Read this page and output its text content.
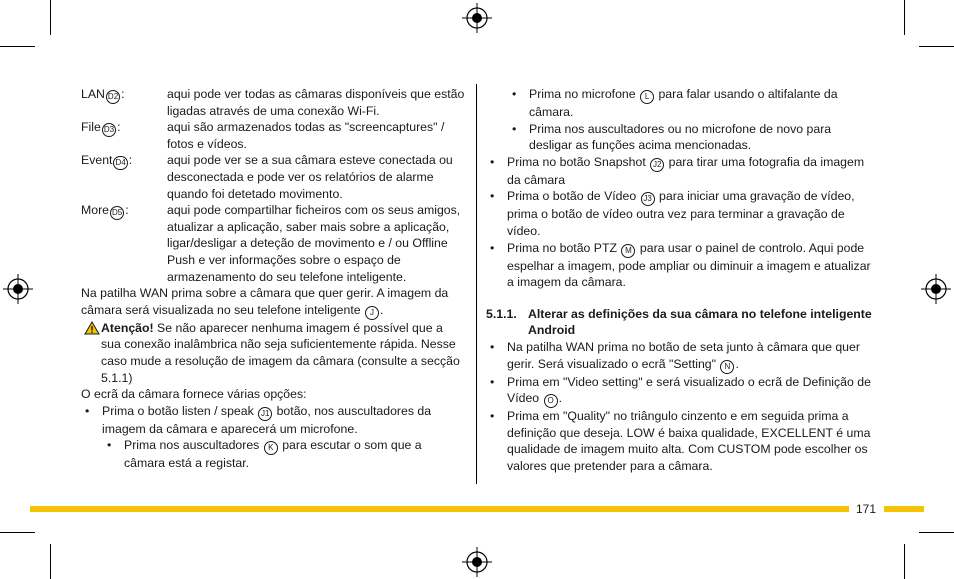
LAN D2 :	aqui pode ver todas as câmaras disponíveis que estão ligadas através de uma conexão Wi-Fi.
File D3 :	aqui são armazenados todas as "screencaptures" / fotos e vídeos.
Event D4 :	aqui pode ver se a sua câmara esteve conectada ou desconectada e pode ver os relatórios de alarme quando foi detetado movimento.
More D5 :	aqui pode compartilhar ficheiros com os seus amigos, atualizar a aplicação, saber mais sobre a aplicação, ligar/desligar a deteção de movimento e / ou Offline Push e ver informações sobre o espaço de armazenamento do seu telefone inteligente.

Na patilha WAN prima sobre a câmara que quer gerir. A imagem da câmara será visualizada no seu telefone inteligente J .

Atenção! Se não aparecer nenhuma imagem é possível que a sua conexão inalâmbrica não seja suficientemente rápida. Nesse caso mude a resolução de imagem da câmara (consulte a secção 5.1.1)

O ecrã da câmara fornece várias opções:

• Prima o botão listen / speak J1 botão, nos auscultadores da imagem da câmara e aparecerá um microfone.
• Prima nos auscultadores K para escutar o som que a câmara está a registar.
• Prima no microfone L para falar usando o altifalante da câmara.
• Prima nos auscultadores ou no microfone de novo para desligar as funções acima mencionadas.
• Prima no botão Snapshot J2 para tirar uma fotografia da imagem da câmara
• Prima o botão de Vídeo J3 para iniciar uma gravação de vídeo, prima o botão de vídeo outra vez para terminar a gravação de vídeo.
• Prima no botão PTZ M para usar o painel de controlo. Aqui pode espelhar a imagem, pode ampliar ou diminuir a imagem e atualizar a imagem da câmara.
5.1.1. Alterar as definições da sua câmara no telefone inteligente Android
• Na patilha WAN prima no botão de seta junto à câmara que quer gerir. Será visualizado o ecrã "Setting" N .
• Prima em "Video setting" e será visualizado o ecrã de Definição de Vídeo O .
• Prima em "Quality" no triângulo cinzento e em seguida prima a definição que deseja. LOW é baixa qualidade, EXCELLENT é uma qualidade de imagem muito alta. Com CUSTOM pode escolher os valores que pretender para a câmara.
171
